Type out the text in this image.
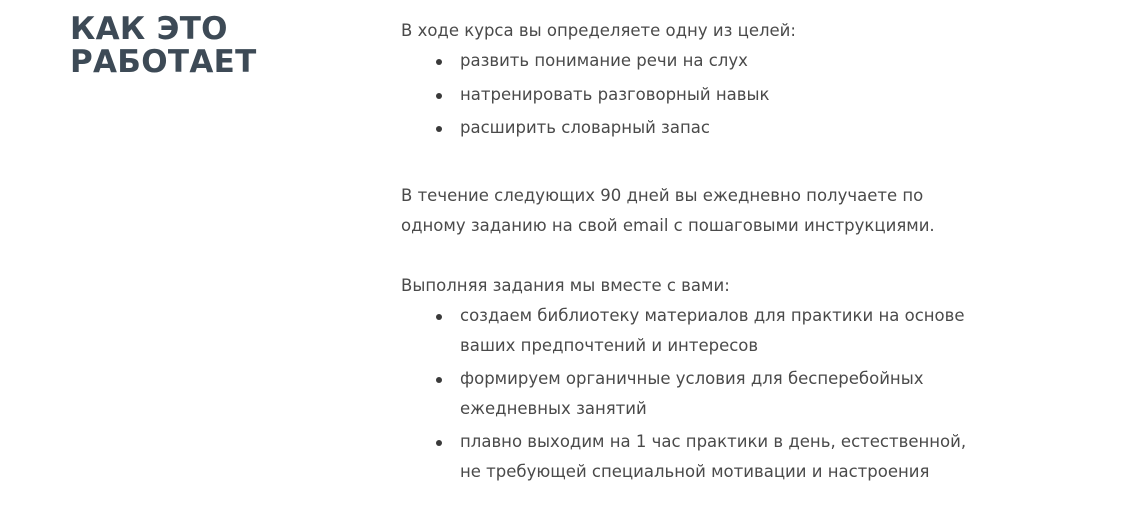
КАК ЭТО
РАБОТАЕТ

В ходе курса вы определяете одну из целей:

развить понимание речи на слух
натренировать разговорный навык
расширить словарный запас

В течение следующих 90 дней вы ежедневно получаете по
одному заданию на свой email с пошаговыми инструкциями.

Выполняя задания мы вместе с вами:

создаем библиотеку материалов для практики на основе
ваших предпочтений и интересов
формируем органичные условия для бесперебойных
ежедневных занятий
плавно выходим на 1 час практики в день, естественной,
не требующей специальной мотивации и настроения
